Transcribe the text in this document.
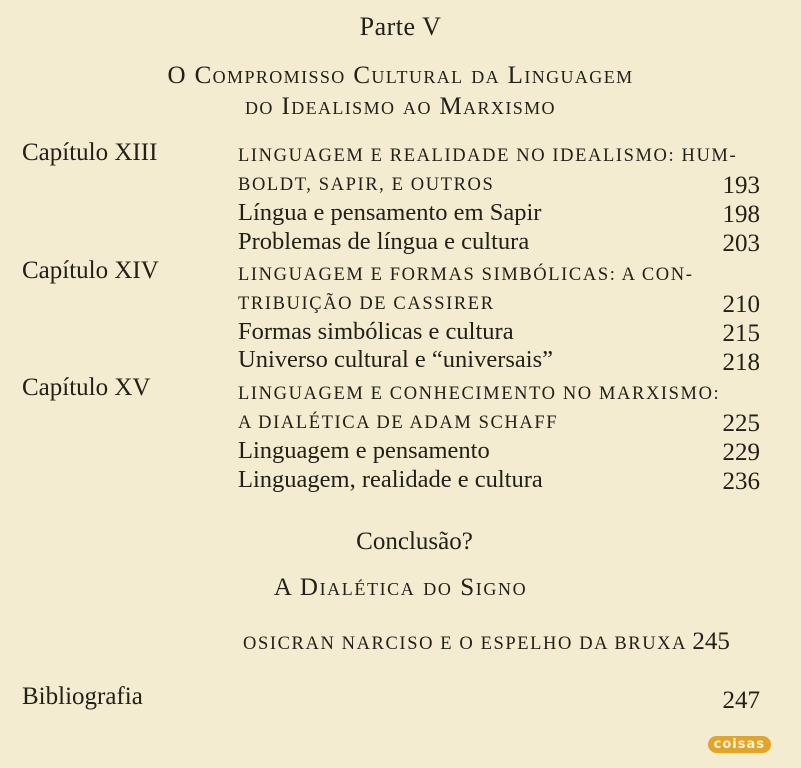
Parte V
O Compromisso Cultural da Linguagem
do Idealismo ao Marxismo
Capítulo XIII	LINGUAGEM E REALIDADE NO IDEALISMO: HUM-
BOLDT, SAPIR, E OUTROS	193
Língua e pensamento em Sapir	198
Problemas de língua e cultura	203
Capítulo XIV	LINGUAGEM E FORMAS SIMBÓLICAS: A CON-
TRIBUIÇÃO DE CASSIRER	210
Formas simbólicas e cultura	215
Universo cultural e “universais”	218
Capítulo XV	LINGUAGEM E CONHECIMENTO NO MARXISMO:
A DIALÉTICA DE ADAM SCHAFF	225
Linguagem e pensamento	229
Linguagem, realidade e cultura	236
Conclusão?
A Dialética do Signo
OSICRAN NARCISO E O ESPELHO DA BRUXA 245
Bibliografia	247
coisas
